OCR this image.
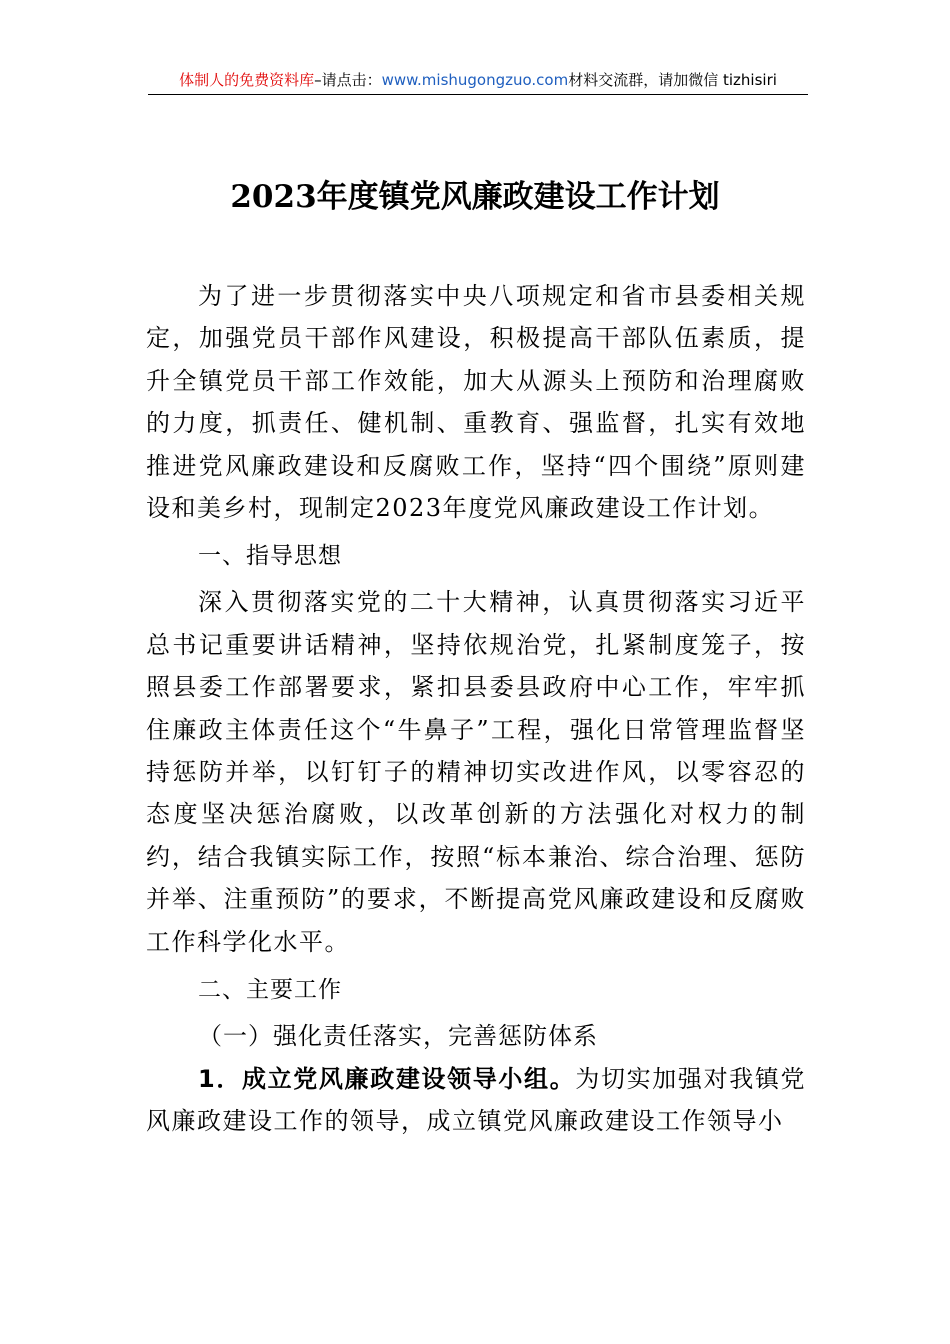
体制人的免费资料库–请点击：www.mishugongzuo.com材料交流群，请加微信 tizhisiri
2023年度镇党风廉政建设工作计划

为了进一步贯彻落实中央八项规定和省市县委相关规定，加强党员干部作风建设，积极提高干部队伍素质，提升全镇党员干部工作效能，加大从源头上预防和治理腐败的力度，抓责任、健机制、重教育、强监督，扎实有效地推进党风廉政建设和反腐败工作，坚持“四个围绕”原则建设和美乡村，现制定2023年度党风廉政建设工作计划。

一、指导思想

深入贯彻落实党的二十大精神，认真贯彻落实习近平总书记重要讲话精神，坚持依规治党，扎紧制度笼子，按照县委工作部署要求，紧扣县委县政府中心工作，牢牢抓住廉政主体责任这个“牛鼻子”工程，强化日常管理监督坚持惩防并举，以钉钉子的精神切实改进作风，以零容忍的态度坚决惩治腐败，以改革创新的方法强化对权力的制约，结合我镇实际工作，按照“标本兼治、综合治理、惩防并举、注重预防”的要求，不断提高党风廉政建设和反腐败工作科学化水平。

二、主要工作

（一）强化责任落实，完善惩防体系

1．成立党风廉政建设领导小组。为切实加强对我镇党风廉政建设工作的领导，成立镇党风廉政建设工作领导小
